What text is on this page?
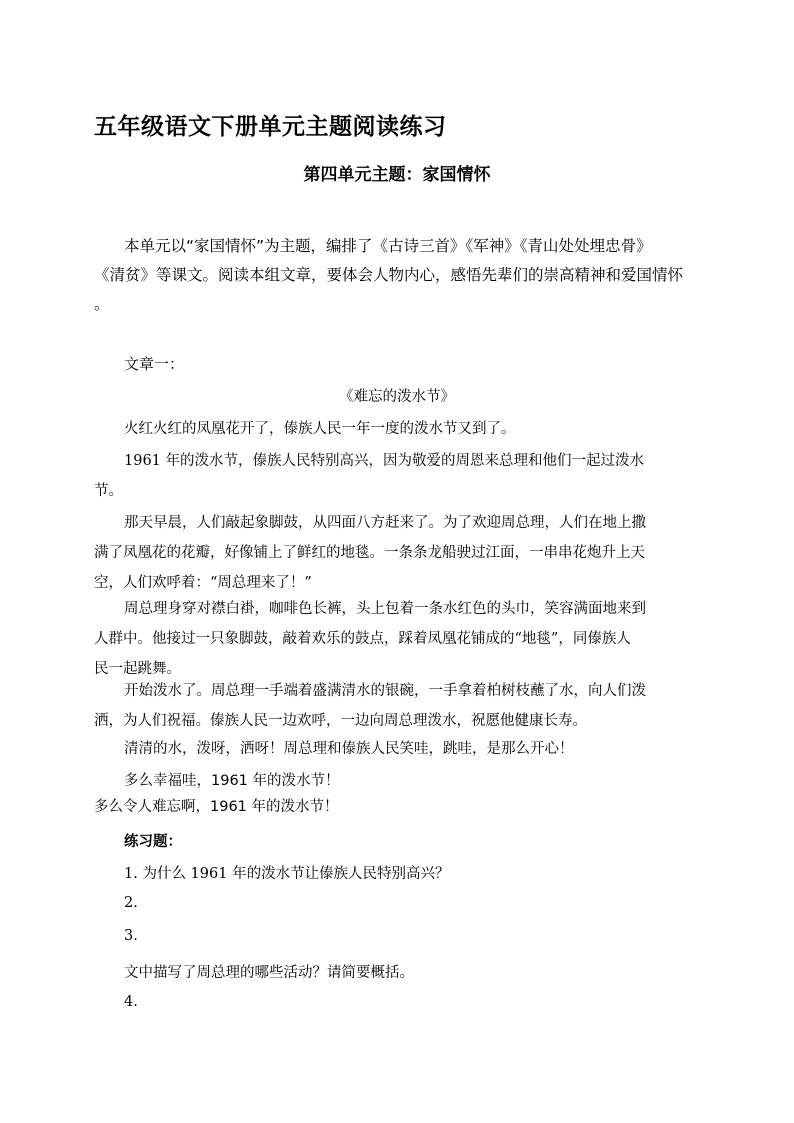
五年级语文下册单元主题阅读练习
第四单元主题：家国情怀
本单元以“家国情怀”为主题，编排了《古诗三首》《军神》《青山处处埋忠骨》
《清贫》等课文。阅读本组文章，要体会人物内心，感悟先辈们的崇高精神和爱国情怀
。
文章一：
《难忘的泼水节》
火红火红的凤凰花开了，傣族人民一年一度的泼水节又到了。
1961 年的泼水节，傣族人民特别高兴，因为敬爱的周恩来总理和他们一起过泼水
节。
那天早晨，人们敲起象脚鼓，从四面八方赶来了。为了欢迎周总理，人们在地上撒
满了凤凰花的花瓣，好像铺上了鲜红的地毯。一条条龙船驶过江面，一串串花炮升上天
空，人们欢呼着：“周总理来了！”
周总理身穿对襟白褂，咖啡色长裤，头上包着一条水红色的头巾，笑容满面地来到
人群中。他接过一只象脚鼓，敲着欢乐的鼓点，踩着凤凰花铺成的“地毯”，同傣族人
民一起跳舞。
开始泼水了。周总理一手端着盛满清水的银碗，一手拿着柏树枝蘸了水，向人们泼
洒，为人们祝福。傣族人民一边欢呼，一边向周总理泼水，祝愿他健康长寿。
清清的水，泼呀，洒呀！周总理和傣族人民笑哇，跳哇，是那么开心！
多么幸福哇，1961 年的泼水节！
多么令人难忘啊，1961 年的泼水节！
练习题：
1. 为什么 1961 年的泼水节让傣族人民特别高兴？
2.
3.
文中描写了周总理的哪些活动？请简要概括。
4.
